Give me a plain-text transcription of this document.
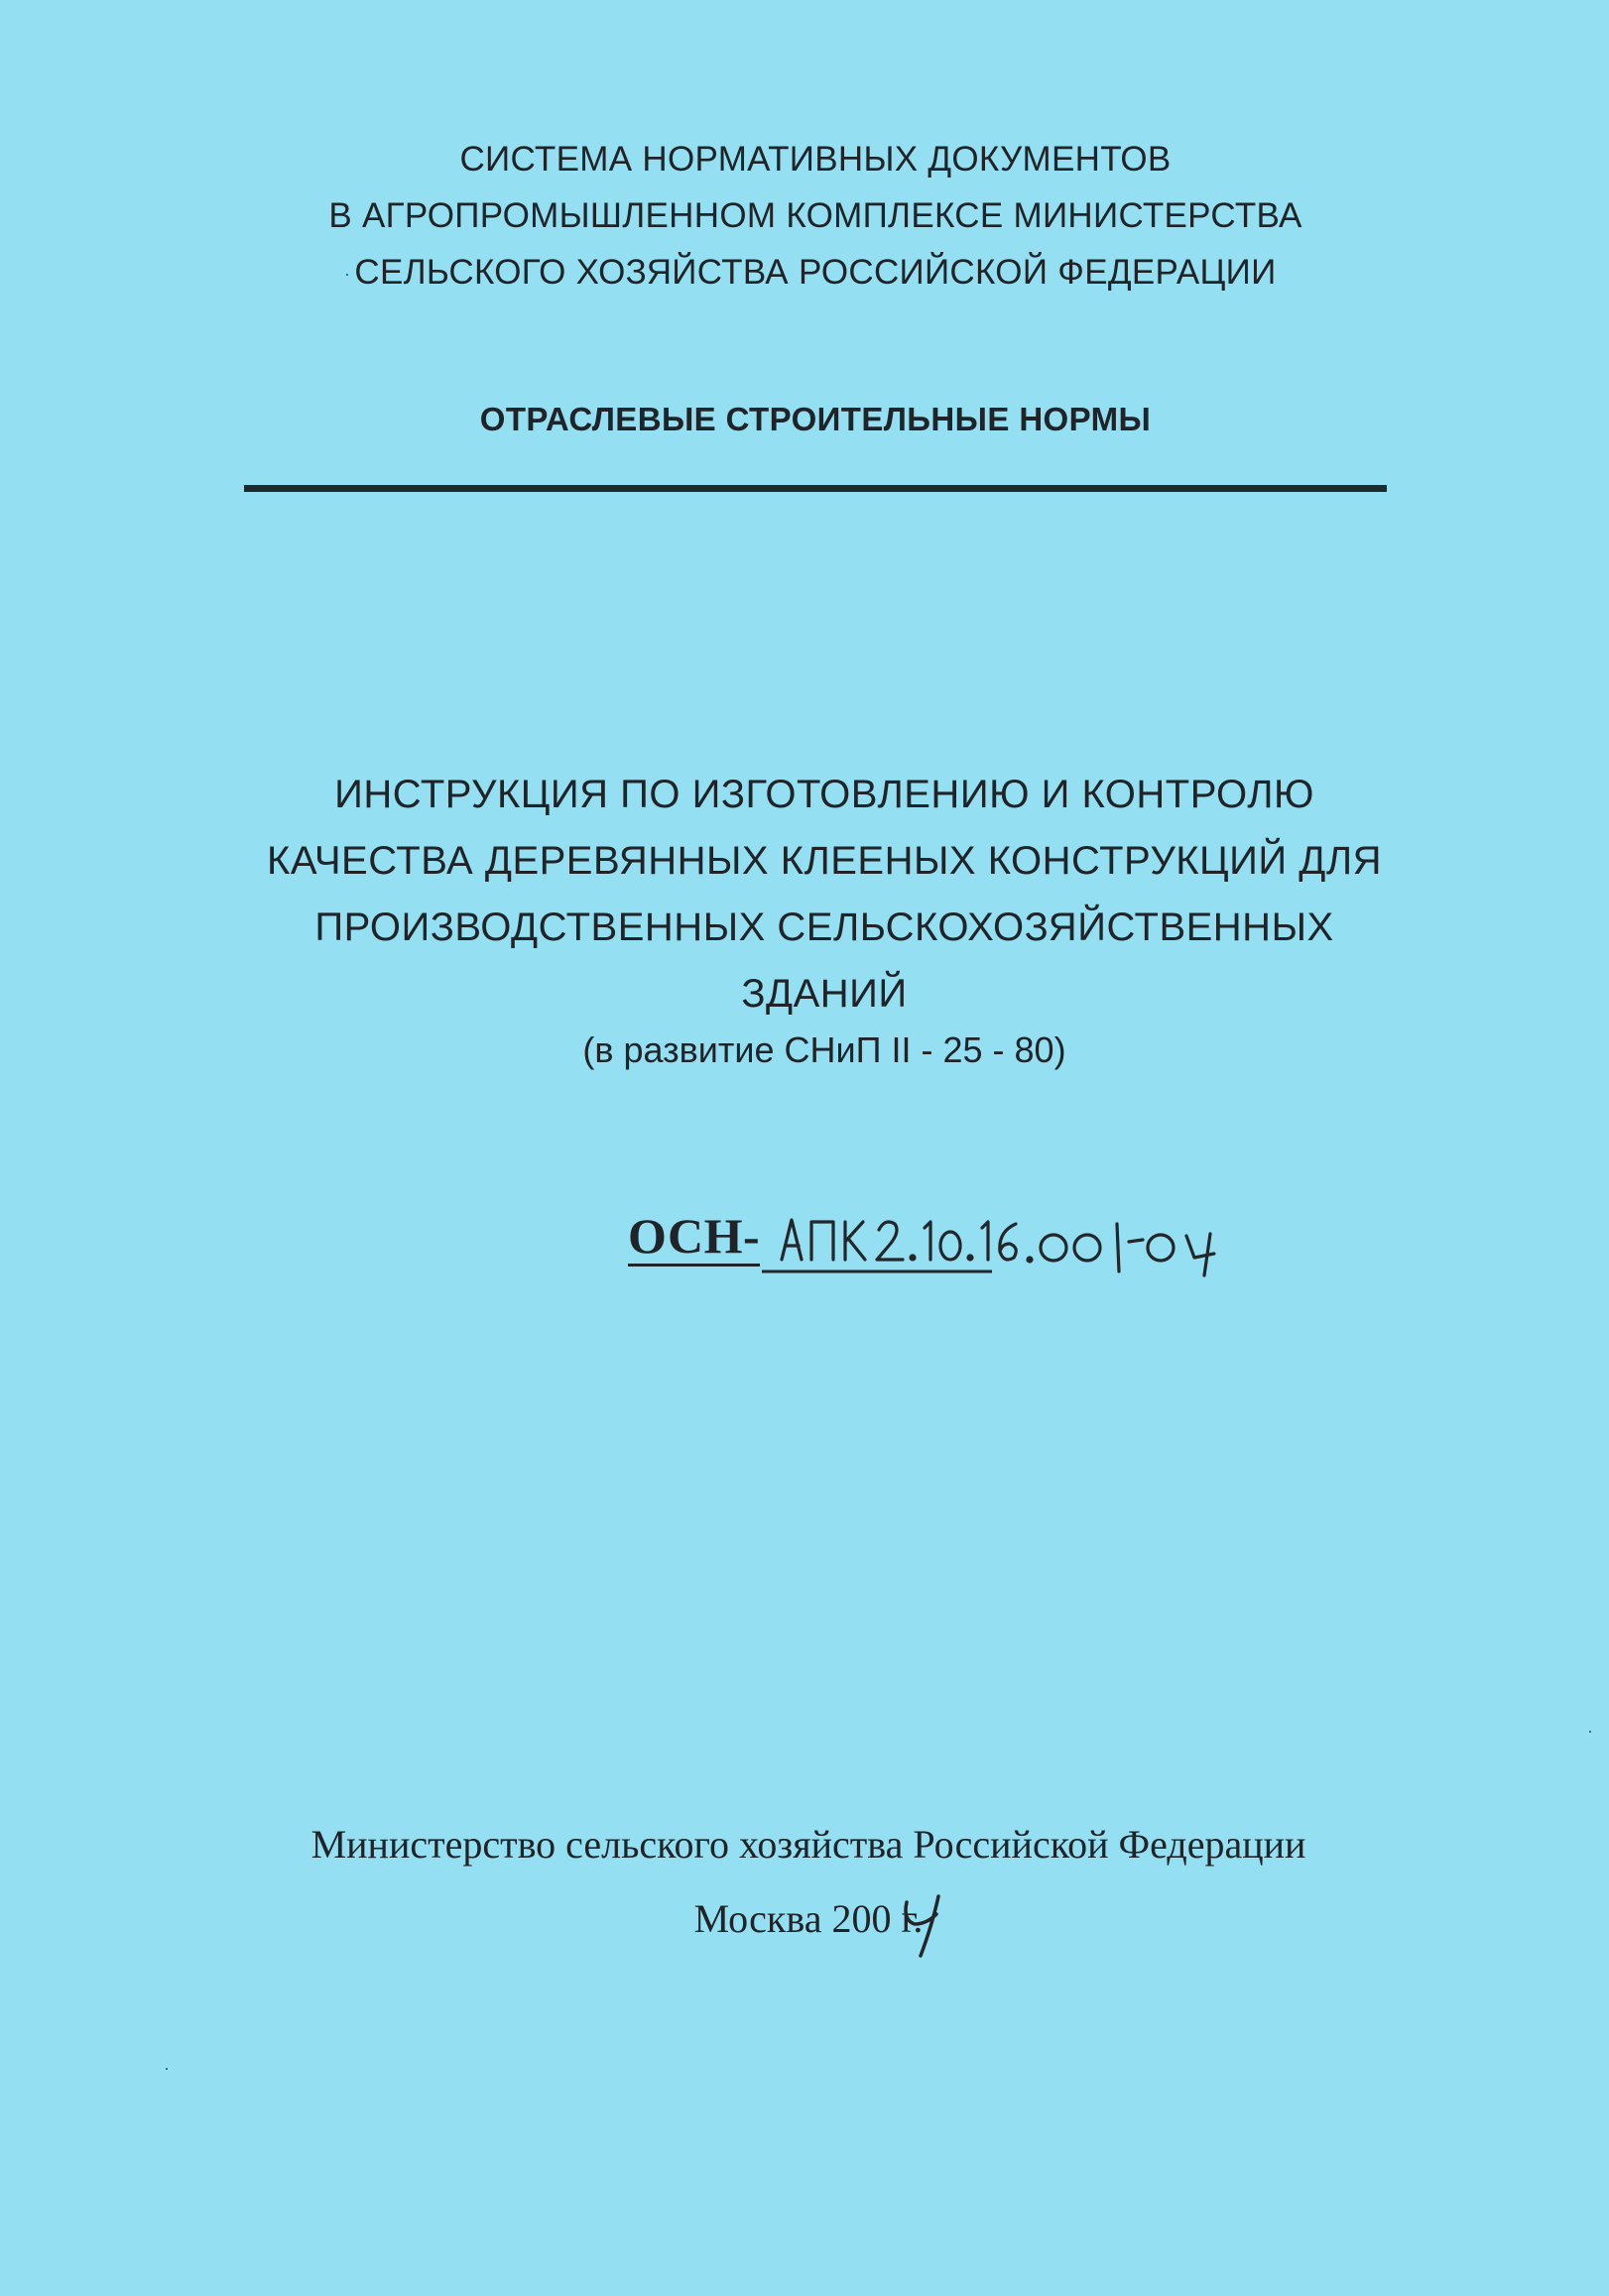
СИСТЕМА НОРМАТИВНЫХ ДОКУМЕНТОВ
В АГРОПРОМЫШЛЕННОМ КОМПЛЕКСЕ МИНИСТЕРСТВА
СЕЛЬСКОГО ХОЗЯЙСТВА РОССИЙСКОЙ ФЕДЕРАЦИИ
ОТРАСЛЕВЫЕ СТРОИТЕЛЬНЫЕ НОРМЫ
ИНСТРУКЦИЯ ПО ИЗГОТОВЛЕНИЮ И КОНТРОЛЮ
КАЧЕСТВА ДЕРЕВЯННЫХ КЛЕЕНЫХ КОНСТРУКЦИЙ ДЛЯ
ПРОИЗВОДСТВЕННЫХ СЕЛЬСКОХОЗЯЙСТВЕННЫХ
ЗДАНИЙ
(в развитие СНиП II - 25 - 80)
ОСН-
Министерство сельского хозяйства Российской Федерации
Москва 200 г.
